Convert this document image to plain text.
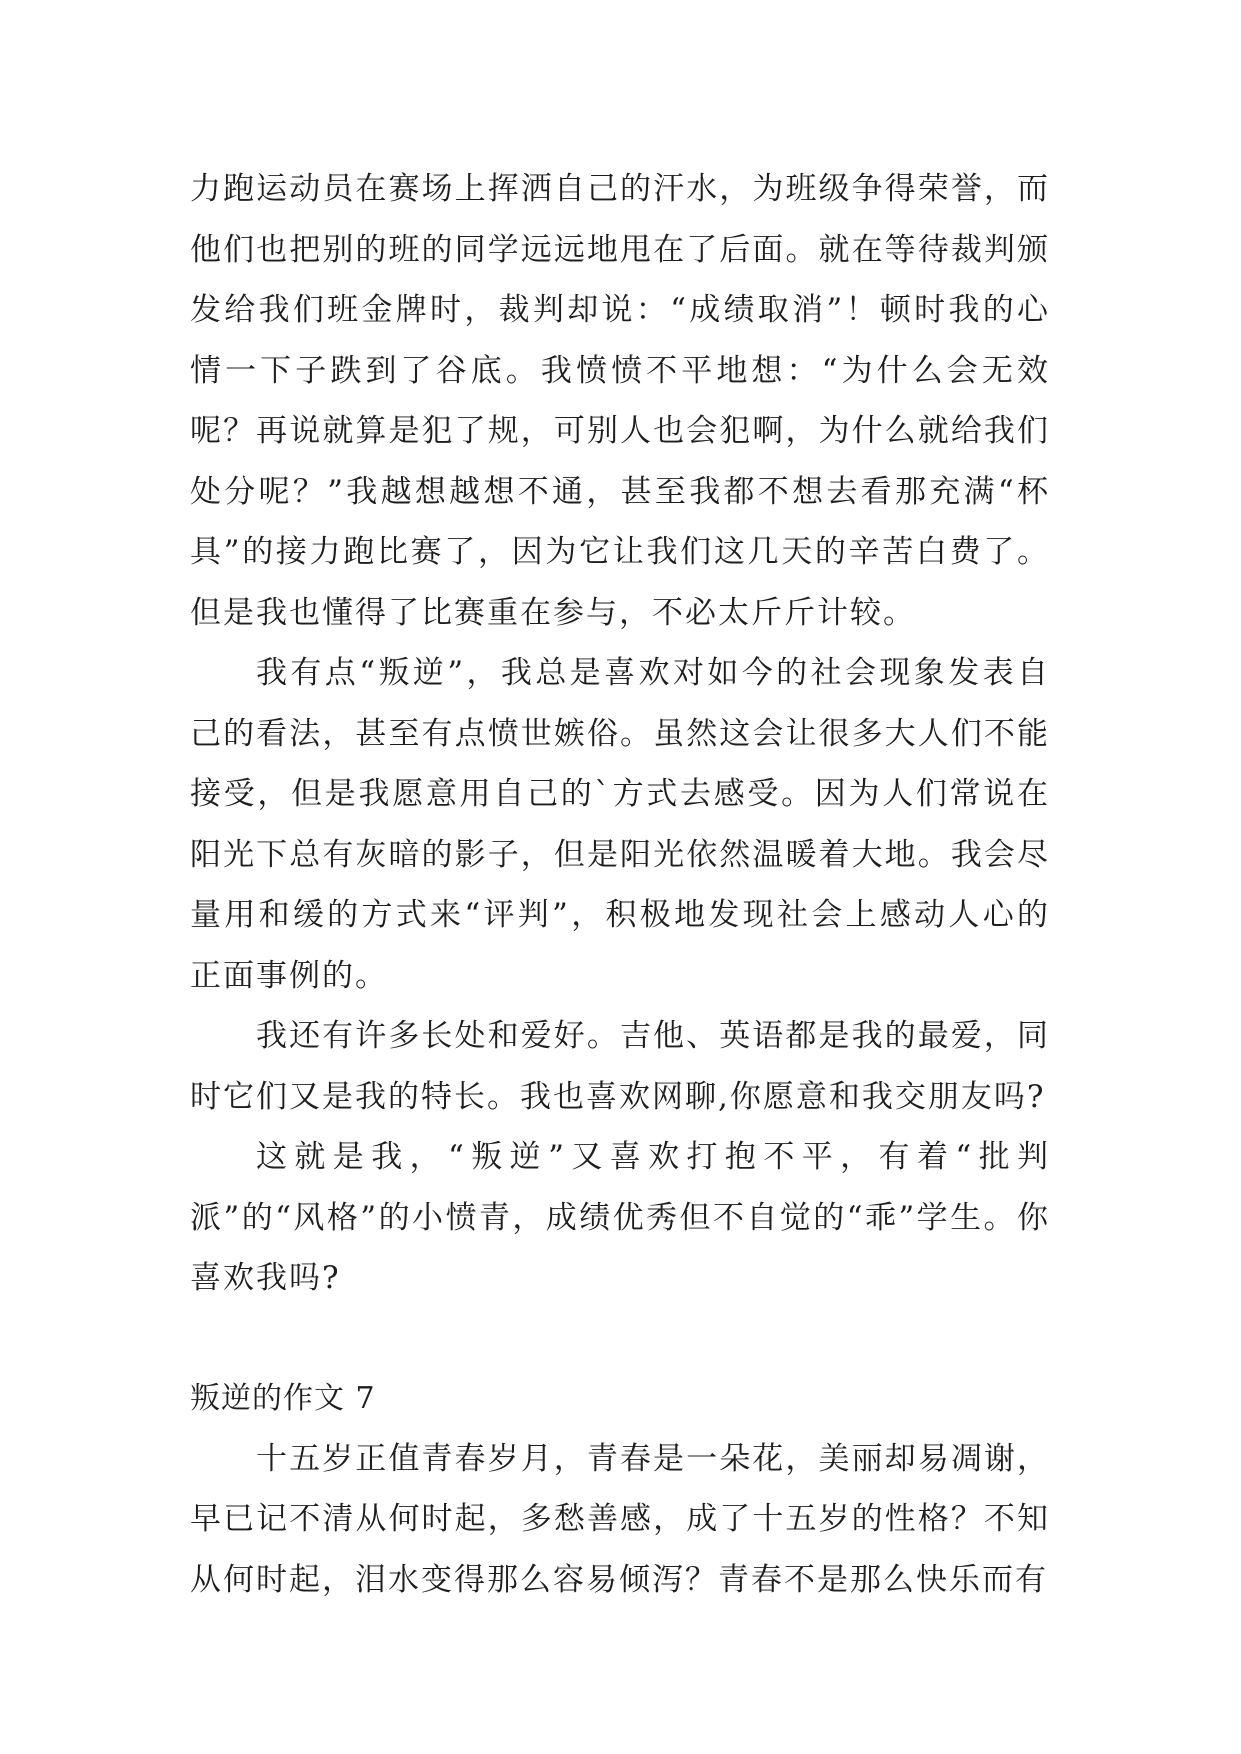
力跑运动员在赛场上挥洒自己的汗水，为班级争得荣誉，而他们也把别的班的同学远远地甩在了后面。就在等待裁判颁发给我们班金牌时，裁判却说：“成绩取消”！顿时我的心情一下子跌到了谷底。我愤愤不平地想：“为什么会无效呢？再说就算是犯了规，可别人也会犯啊，为什么就给我们处分呢？”我越想越想不通，甚至我都不想去看那充满“杯具”的接力跑比赛了，因为它让我们这几天的辛苦白费了。但是我也懂得了比赛重在参与，不必太斤斤计较。

我有点“叛逆”，我总是喜欢对如今的社会现象发表自己的看法，甚至有点愤世嫉俗。虽然这会让很多大人们不能接受，但是我愿意用自己的`方式去感受。因为人们常说在阳光下总有灰暗的影子，但是阳光依然温暖着大地。我会尽量用和缓的方式来“评判”，积极地发现社会上感动人心的正面事例的。

我还有许多长处和爱好。吉他、英语都是我的最爱，同时它们又是我的特长。我也喜欢网聊,你愿意和我交朋友吗?

这就是我，“叛逆”又喜欢打抱不平，有着“批判派”的“风格”的小愤青，成绩优秀但不自觉的“乖”学生。你喜欢我吗?

叛逆的作文 7

十五岁正值青春岁月，青春是一朵花，美丽却易凋谢，早已记不清从何时起，多愁善感，成了十五岁的性格？不知从何时起，泪水变得那么容易倾泻？青春不是那么快乐而有
